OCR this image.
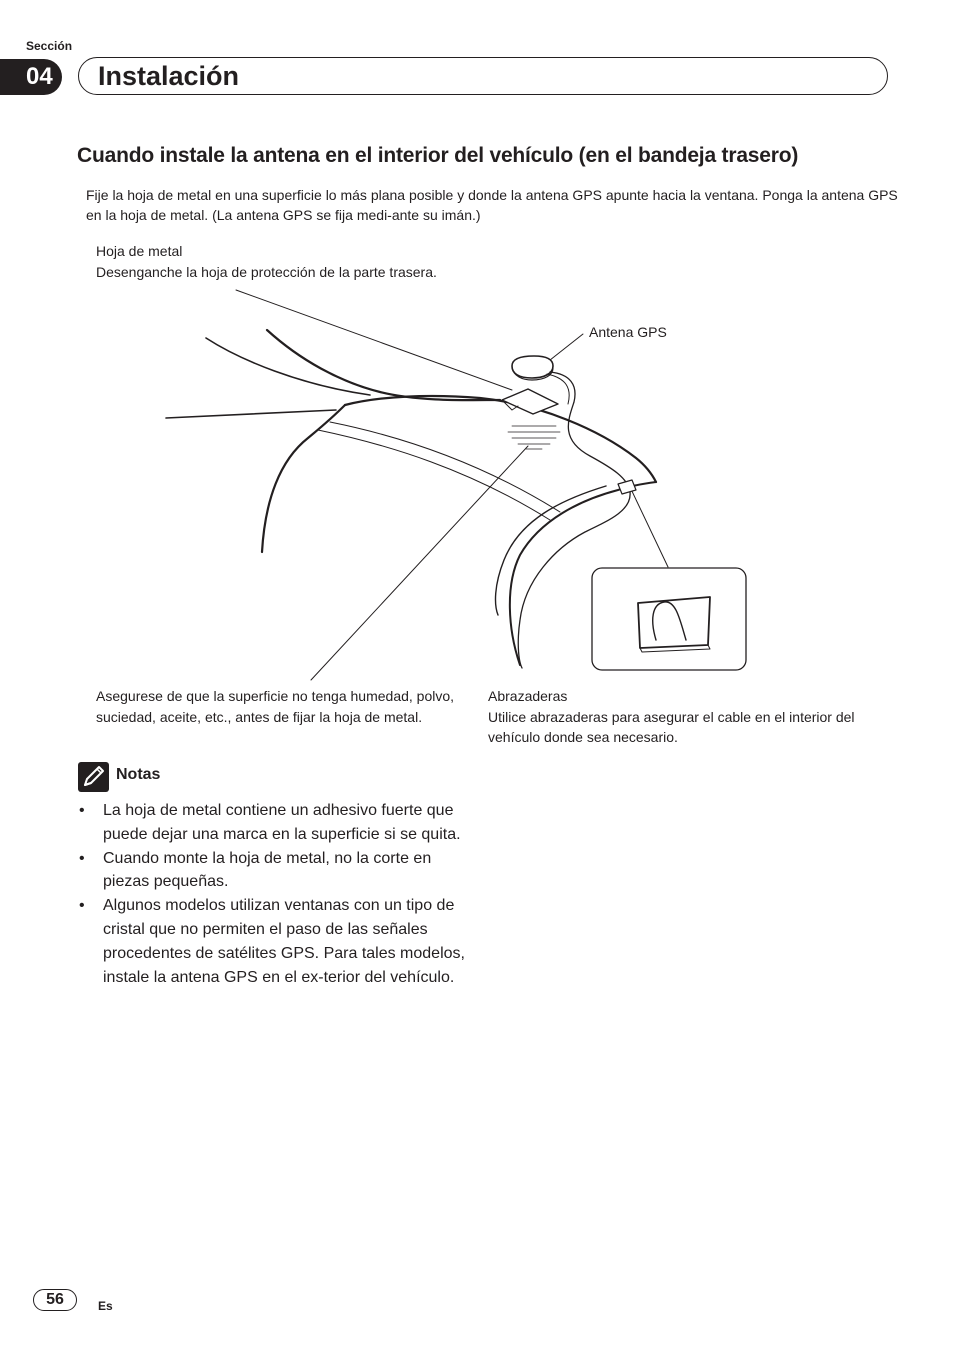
Sección
04	Instalación
Cuando instale la antena en el interior del vehículo (en el bandeja trasero)
Fije la hoja de metal en una superficie lo más plana posible y donde la antena GPS apunte hacia la ventana. Ponga la antena GPS en la hoja de metal. (La antena GPS se fija medi-ante su imán.)
Hoja de metal
Desenganche la hoja de protección de la parte trasera.
Antena GPS
Asegurese de que la superficie no tenga humedad, polvo, suciedad, aceite, etc., antes de fijar la hoja de metal.
Abrazaderas
Utilice abrazaderas para asegurar el cable en el interior del vehículo donde sea necesario.
Notas
• La hoja de metal contiene un adhesivo fuerte que puede dejar una marca en la superficie si se quita.
• Cuando monte la hoja de metal, no la corte en piezas pequeñas.
• Algunos modelos utilizan ventanas con un tipo de cristal que no permiten el paso de las señales procedentes de satélites GPS. Para tales modelos, instale la antena GPS en el ex-terior del vehículo.
56	Es
